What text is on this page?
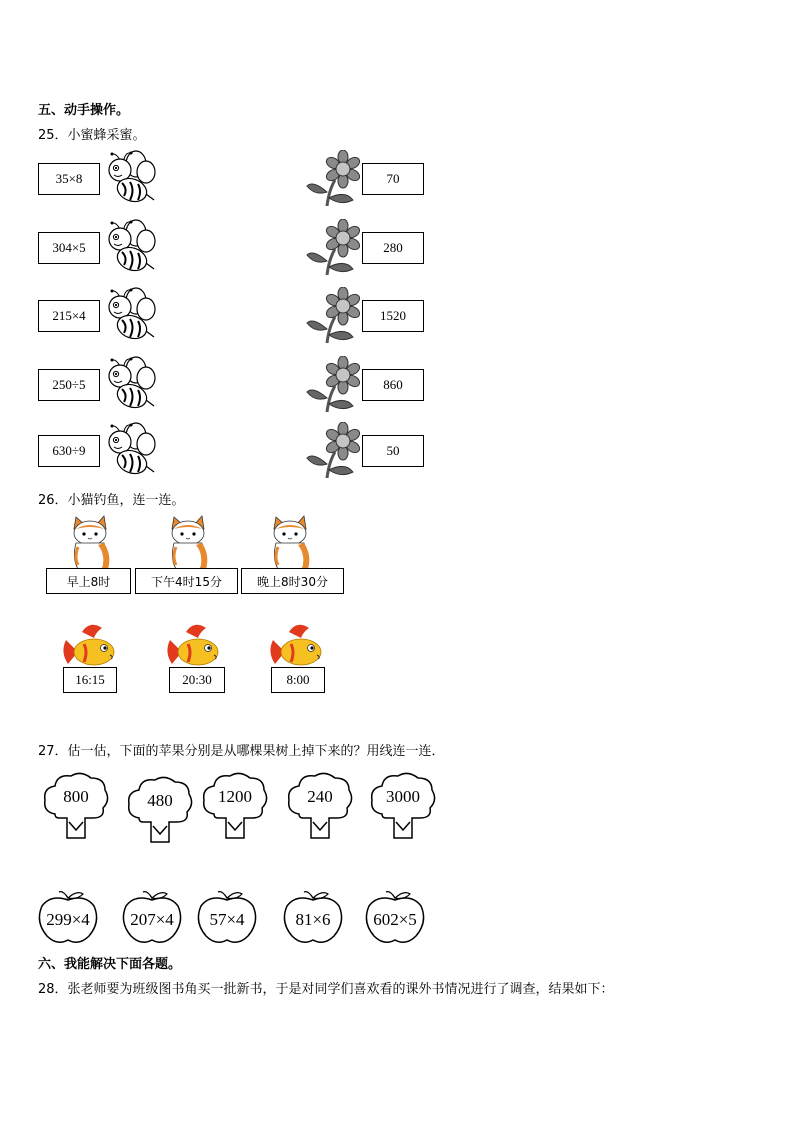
五、动手操作。
25．小蜜蜂采蜜。
35×8
304×5
215×4
250÷5
630÷9
70
280
1520
860
50
26．小猫钓鱼，连一连。
早上8时	下午4时15分	晚上8时30分
16:15	20:30	8:00
27．估一估，下面的苹果分别是从哪棵果树上掉下来的？用线连一连．
800	480	1200	240	3000
299×4	207×4	57×4	81×6	602×5
六、我能解决下面各题。
28．张老师要为班级图书角买一批新书，于是对同学们喜欢看的课外书情况进行了调查，结果如下：
